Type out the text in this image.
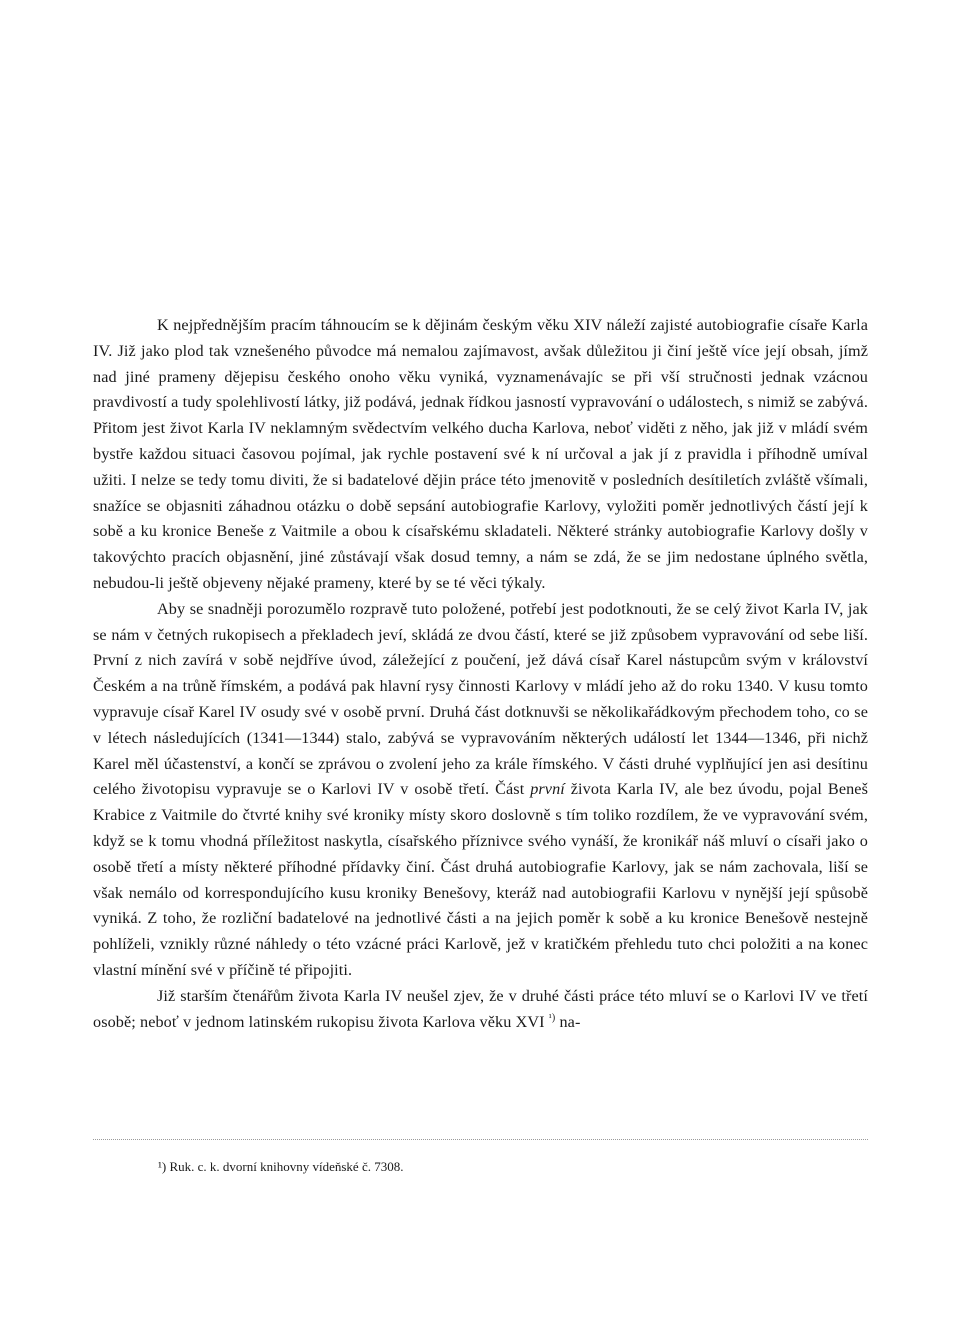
K nejpřednějším pracím táhnoucím se k dějinám českým věku XIV náleží zajisté autobiografie císaře Karla IV. Již jako plod tak vznešeného původce má nemalou zajímavost, avšak důležitou ji činí ještě více její obsah, jímž nad jiné prameny dějepisu českého onoho věku vyniká, vyznamenávajíc se při vší stručnosti jednak vzácnou pravdivostí a tudy spolehlivostí látky, již podává, jednak řídkou jasností vypravování o událostech, s nimiž se zabývá. Přitom jest život Karla IV neklamným svědectvím velkého ducha Karlova, neboť viděti z něho, jak již v mládí svém bystře každou situaci časovou pojímal, jak rychle postavení své k ní určoval a jak jí z pravidla i příhodně umíval užiti. I nelze se tedy tomu diviti, že si badatelové dějin práce této jmenovitě v posledních desítiletích zvláště všímali, snažíce se objasniti záhadnou otázku o době sepsání autobiografie Karlovy, vyložiti poměr jednotlivých částí její k sobě a ku kronice Beneše z Vaitmile a obou k císařskému skladateli. Některé stránky autobiografie Karlovy došly v takovýchto pracích objasnění, jiné zůstávají však dosud temny, a nám se zdá, že se jim nedostane úplného světla, nebudou-li ještě objeveny nějaké prameny, které by se té věci týkaly.

Aby se snadněji porozumělo rozpravě tuto položené, potřebí jest podotknouti, že se celý život Karla IV, jak se nám v četných rukopisech a překladech jeví, skládá ze dvou částí, které se již způsobem vypravování od sebe liší. První z nich zavírá v sobě nejdříve úvod, záležející z poučení, jež dává císař Karel nástupcům svým v království Českém a na trůně římském, a podává pak hlavní rysy činnosti Karlovy v mládí jeho až do roku 1340. V kusu tomto vypravuje císař Karel IV osudy své v osobě první. Druhá část dotknuvši se několikařádkovým přechodem toho, co se v létech následujících (1341—1344) stalo, zabývá se vypravováním některých událostí let 1344—1346, při nichž Karel měl účastenství, a končí se zprávou o zvolení jeho za krále římského. V části druhé vyplňující jen asi desítinu celého životopisu vypravuje se o Karlovi IV v osobě třetí. Část první života Karla IV, ale bez úvodu, pojal Beneš Krabice z Vaitmile do čtvrté knihy své kroniky místy skoro doslovně s tím toliko rozdílem, že ve vypravování svém, když se k tomu vhodná příležitost naskytla, císařského příznivce svého vynáší, že kronikář náš mluví o císaři jako o osobě třetí a místy některé příhodné přídavky činí. Část druhá autobiografie Karlovy, jak se nám zachovala, liší se však nemálo od korrespondujícího kusu kroniky Benešovy, kteráž nad autobiografii Karlovu v nynější její spůsobě vyniká. Z toho, že rozliční badatelové na jednotlivé části a na jejich poměr k sobě a ku kronice Benešově nestejně pohlíželi, vznikly různé náhledy o této vzácné práci Karlově, jež v kratičkém přehledu tuto chci položiti a na konec vlastní mínění své v příčině té připojiti.

Již starším čtenářům života Karla IV neušel zjev, že v druhé části práce této mluví se o Karlovi IV ve třetí osobě; neboť v jednom latinském rukopisu života Karlova věku XVI $^{^1)}$ na-

¹) Ruk. c. k. dvorní knihovny vídeňské č. 7308.
